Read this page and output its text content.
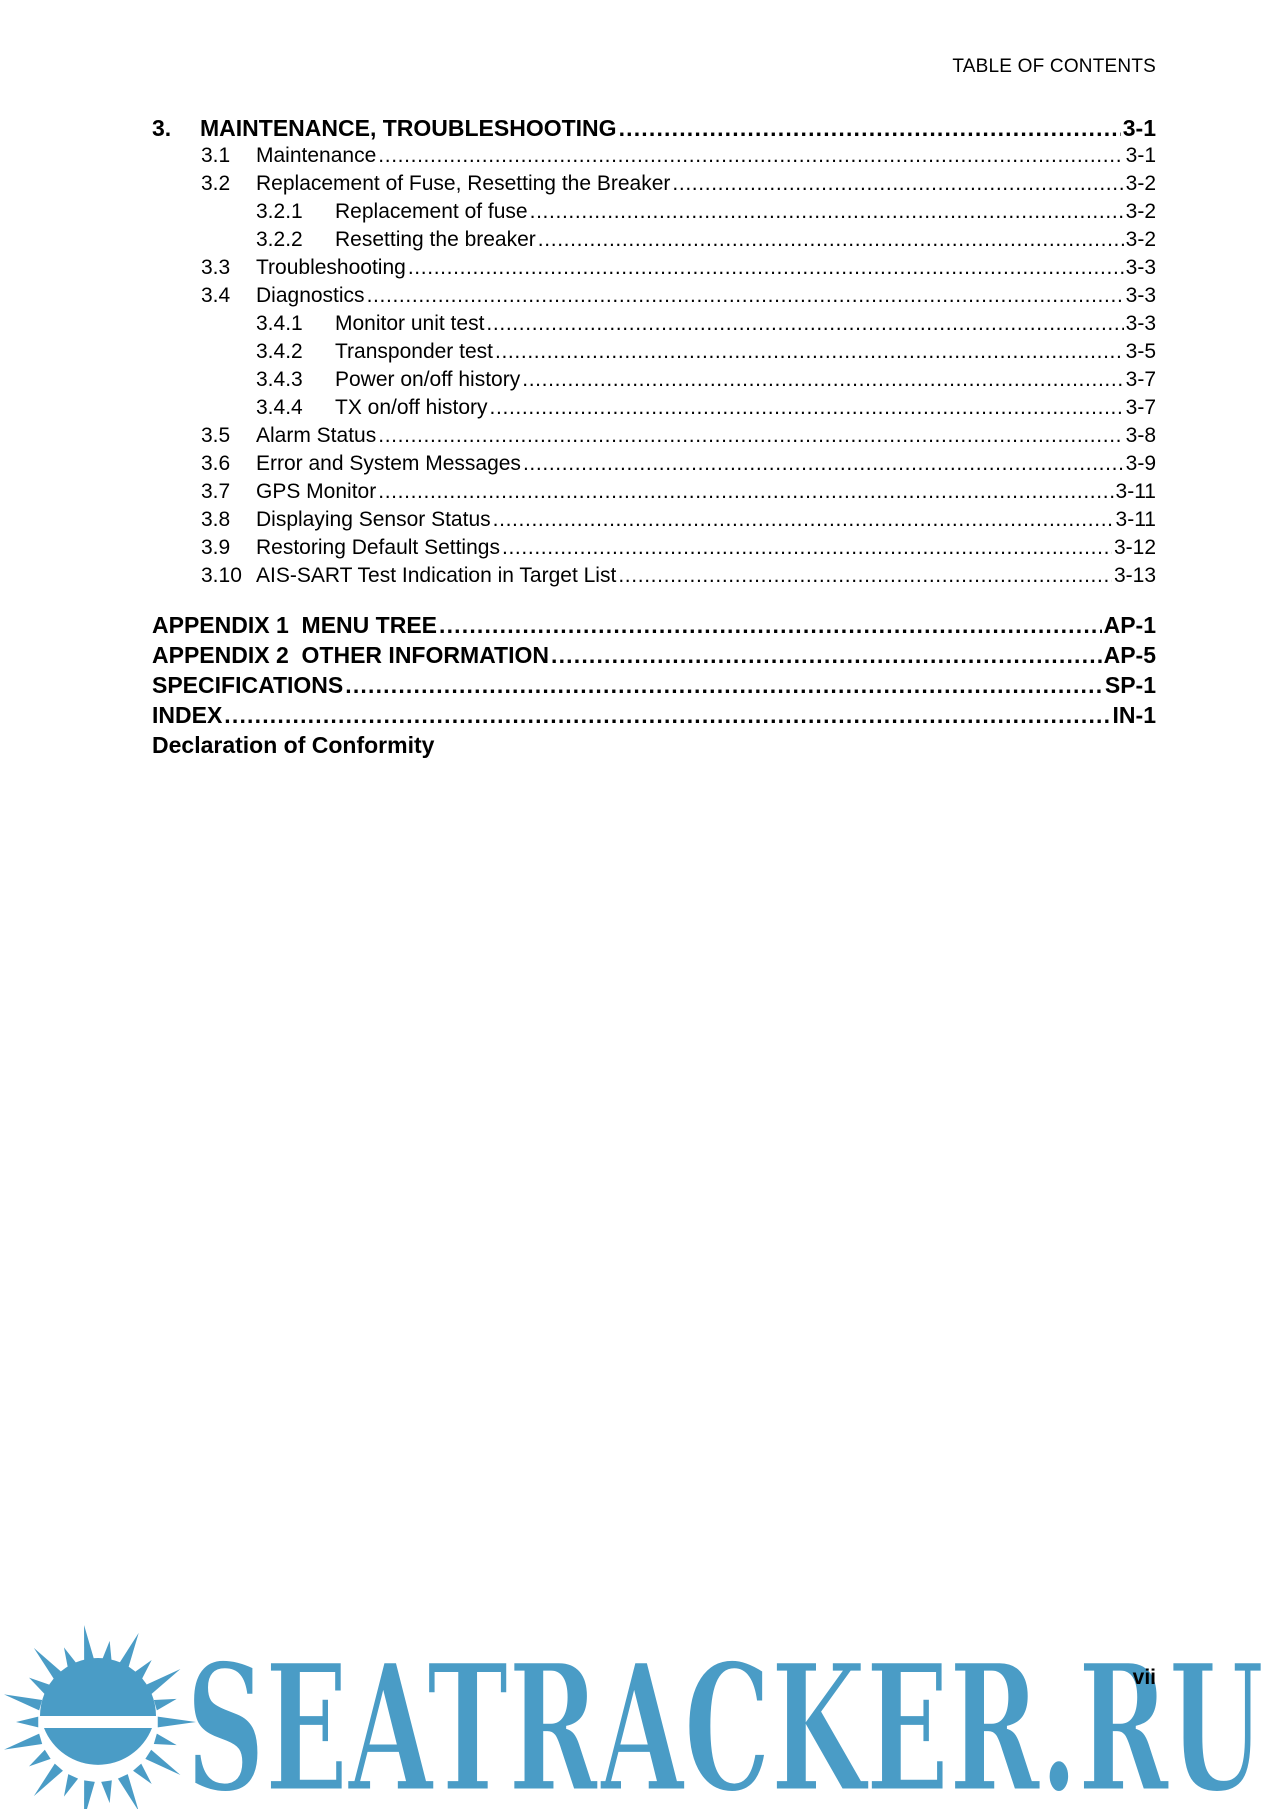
TABLE OF CONTENTS
3.	MAINTENANCE, TROUBLESHOOTING . . .	3-1
3.1	Maintenance . . .	3-1
3.2	Replacement of Fuse, Resetting the Breaker . . .	3-2
3.2.1	Replacement of fuse . . .	3-2
3.2.2	Resetting the breaker . . .	3-2
3.3	Troubleshooting . . .	3-3
3.4	Diagnostics . . .	3-3
3.4.1	Monitor unit test . . .	3-3
3.4.2	Transponder test . . .	3-5
3.4.3	Power on/off history . . .	3-7
3.4.4	TX on/off history . . .	3-7
3.5	Alarm Status . . .	3-8
3.6	Error and System Messages . . .	3-9
3.7	GPS Monitor . . .	3-11
3.8	Displaying Sensor Status . . .	3-11
3.9	Restoring Default Settings . . .	3-12
3.10 AIS-SART Test Indication in Target List . . .	3-13
APPENDIX 1  MENU TREE . . .	AP-1
APPENDIX 2  OTHER INFORMATION . . .	AP-5
SPECIFICATIONS . . .	SP-1
INDEX . . .	IN-1
Declaration of Conformity
SEATRACKER.RU
vii
